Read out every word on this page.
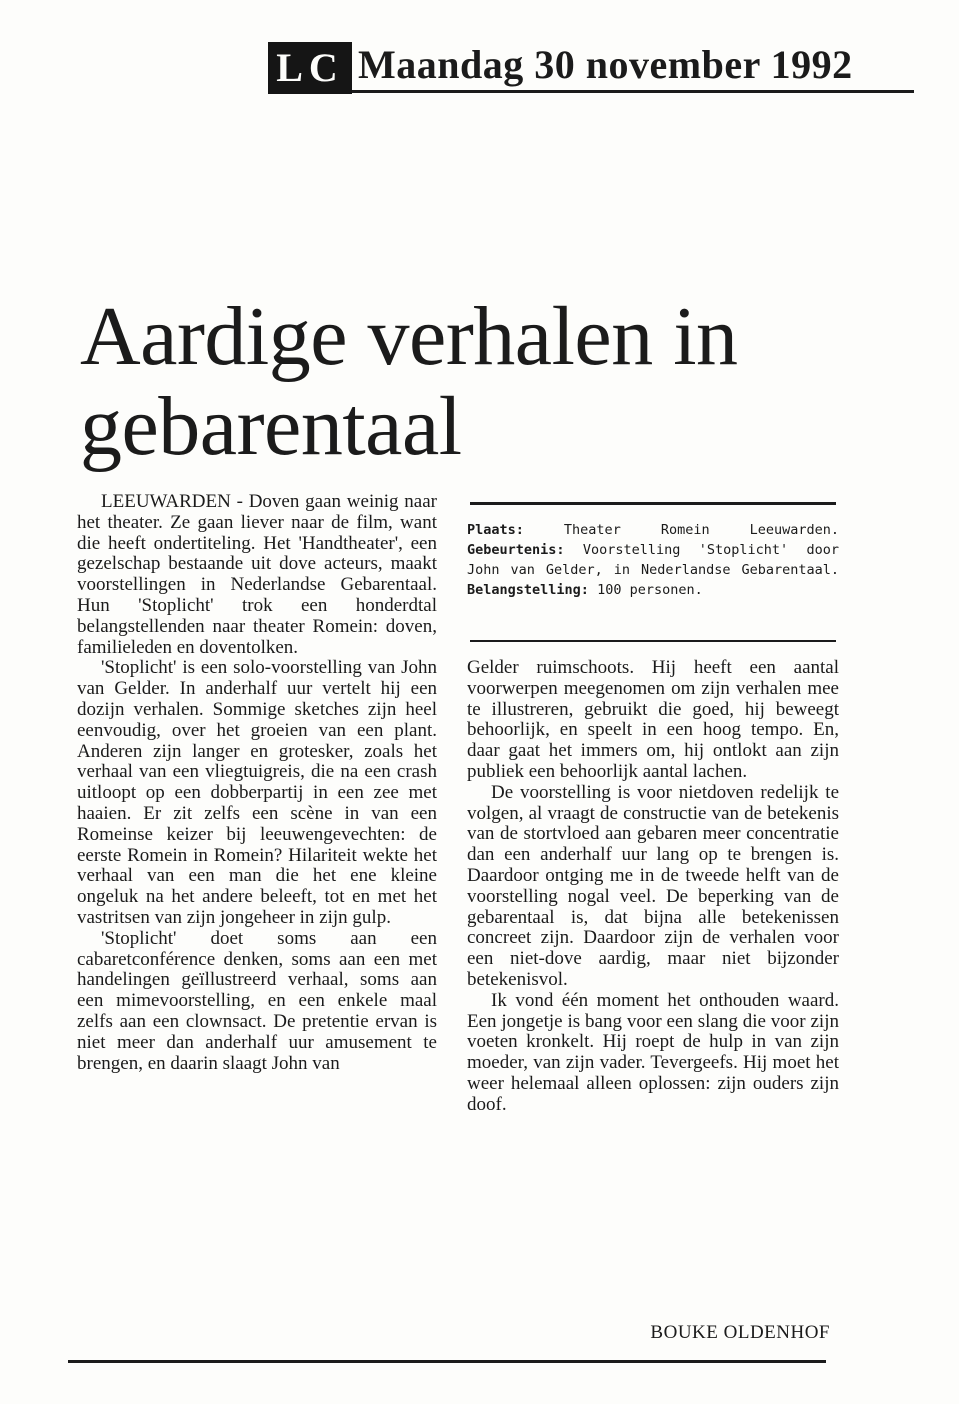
LC Maandag 30 november 1992
Aardige verhalen in gebarentaal

LEEUWARDEN - Doven gaan weinig naar het theater. Ze gaan liever naar de film, want die heeft ondertiteling. Het 'Handtheater', een gezelschap bestaande uit dove acteurs, maakt voorstellingen in Nederlandse Gebarentaal. Hun 'Stoplicht' trok een honderdtal belangstellenden naar theater Romein: doven, familieleden en doventolken.

'Stoplicht' is een solo-voorstelling van John van Gelder. In anderhalf uur vertelt hij een dozijn verhalen. Sommige sketches zijn heel eenvoudig, over het groeien van een plant. Anderen zijn langer en grotesker, zoals het verhaal van een vliegtuigreis, die na een crash uitloopt op een dobberpartij in een zee met haaien. Er zit zelfs een scène in van een Romeinse keizer bij leeuwengevechten: de eerste Romein in Romein? Hilariteit wekte het verhaal van een man die het ene kleine ongeluk na het andere beleeft, tot en met het vastritsen van zijn jongeheer in zijn gulp.

'Stoplicht' doet soms aan een cabaretconférence denken, soms aan een met handelingen geïllustreerd verhaal, soms aan een mimevoorstelling, en een enkele maal zelfs aan een clownsact. De pretentie ervan is niet meer dan anderhalf uur amusement te brengen, en daarin slaagt John van

Plaats:	Theater Romein Leeuwarden. Gebeurtenis: Voorstelling 'Stoplicht' door John van Gelder, in Nederlandse Gebarentaal. Belangstelling: 100 personen.

Gelder ruimschoots. Hij heeft een aantal voorwerpen meegenomen om zijn verhalen mee te illustreren, gebruikt die goed, hij beweegt behoorlijk, en speelt in een hoog tempo. En, daar gaat het immers om, hij ontlokt aan zijn publiek een behoorlijk aantal lachen.

De voorstelling is voor nietdoven redelijk te volgen, al vraagt de constructie van de betekenis van de stortvloed aan gebaren meer concentratie dan een anderhalf uur lang op te brengen is. Daardoor ontging me in de tweede helft van de voorstelling nogal veel. De beperking van de gebarentaal is, dat bijna alle betekenissen concreet zijn. Daardoor zijn de verhalen voor een niet-dove aardig, maar niet bijzonder betekenisvol.

Ik vond één moment het onthouden waard. Een jongetje is bang voor een slang die voor zijn voeten kronkelt. Hij roept de hulp in van zijn moeder, van zijn vader. Tevergeefs. Hij moet het weer helemaal alleen oplossen: zijn ouders zijn doof.

BOUKE OLDENHOF
